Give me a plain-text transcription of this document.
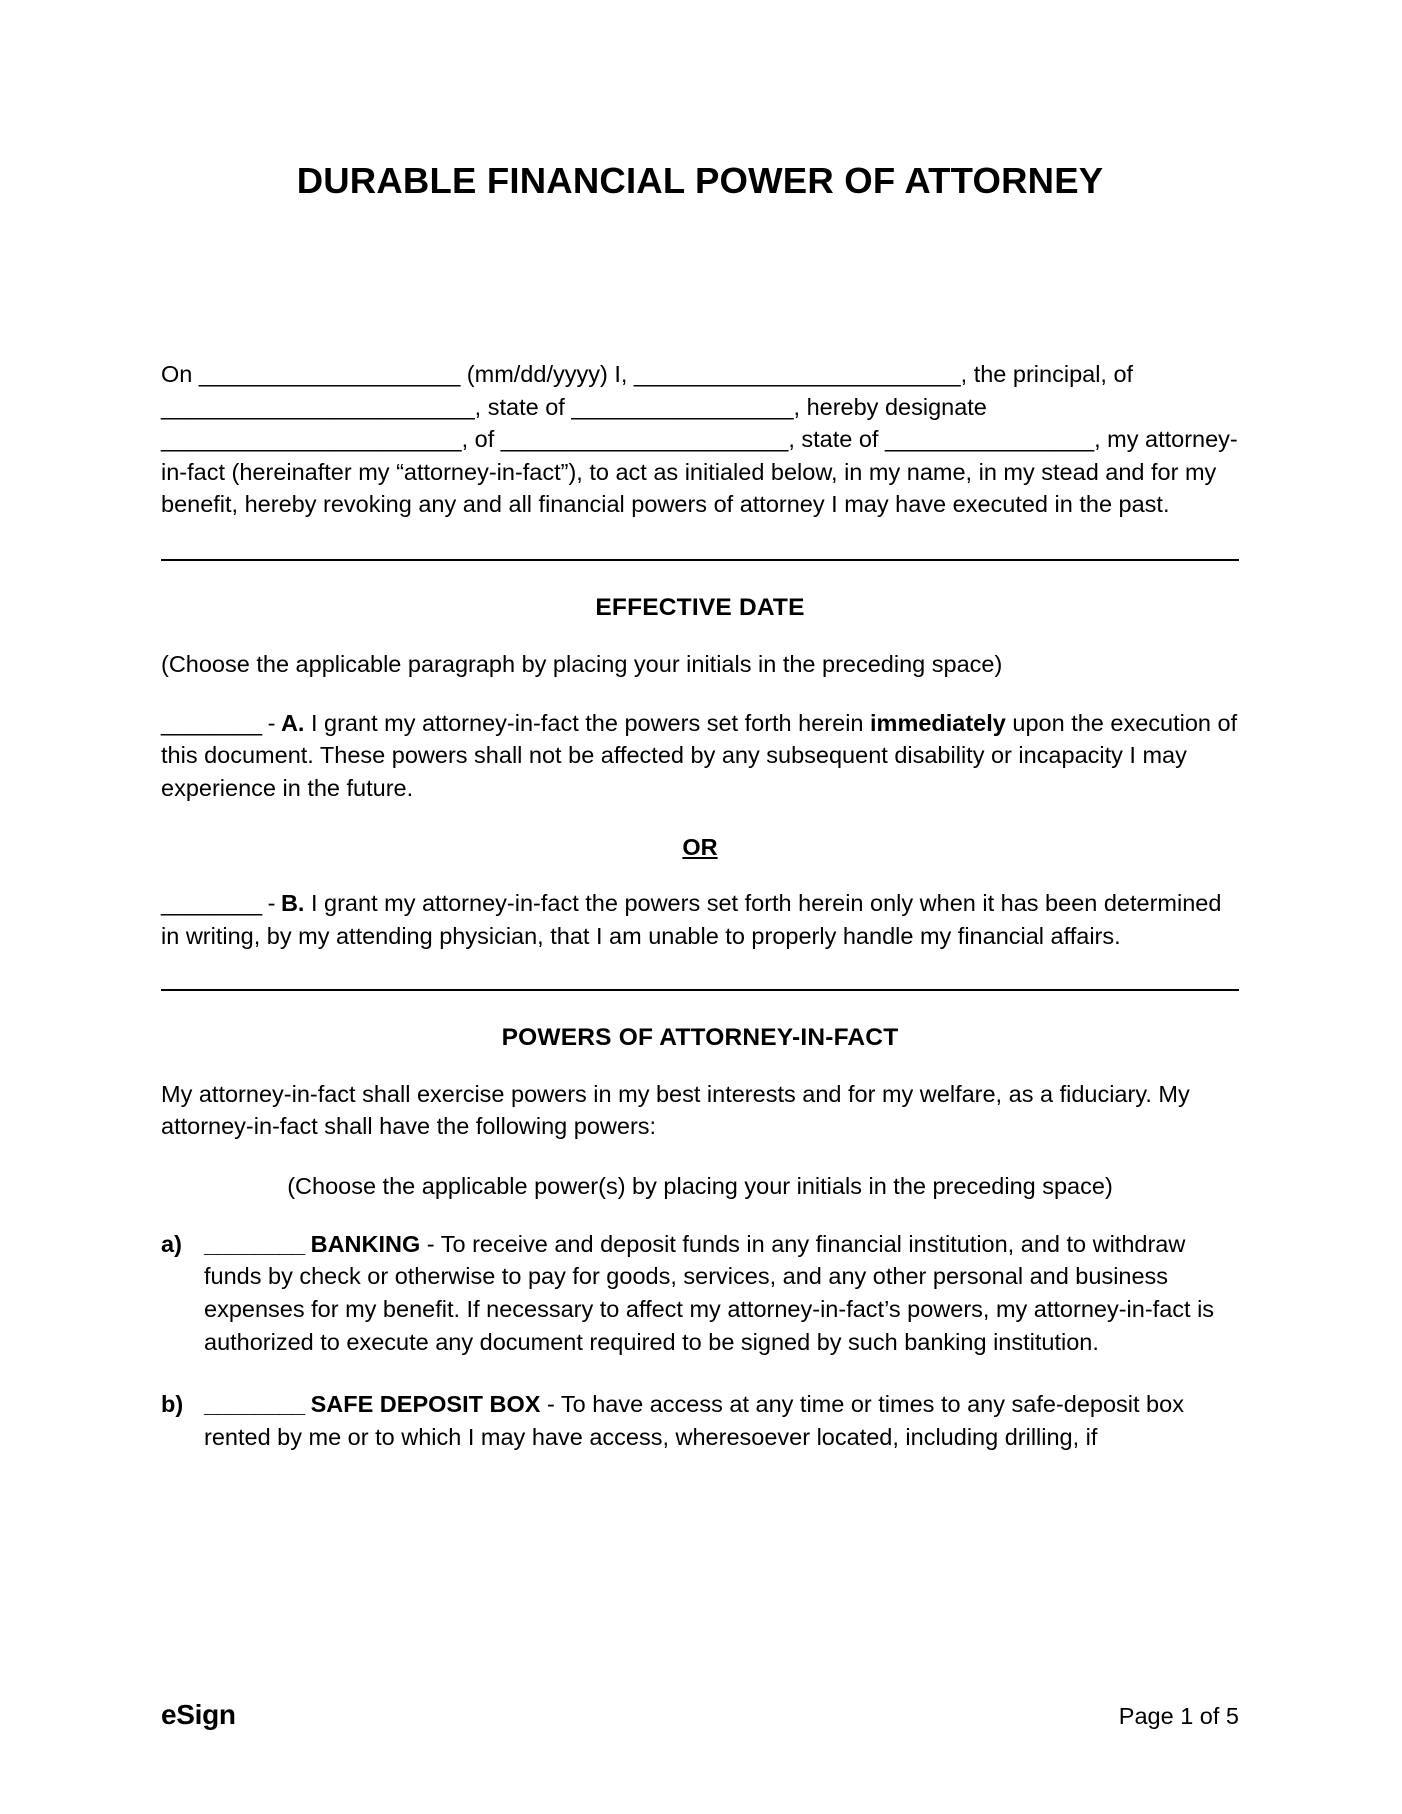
DURABLE FINANCIAL POWER OF ATTORNEY

On ____________________ (mm/dd/yyyy) I, _________________________, the principal, of ________________________, state of _________________, hereby designate _______________________, of ______________________, state of ________________, my attorney-in-fact (hereinafter my “attorney-in-fact”), to act as initialed below, in my name, in my stead and for my benefit, hereby revoking any and all financial powers of attorney I may have executed in the past.

EFFECTIVE DATE

(Choose the applicable paragraph by placing your initials in the preceding space)

________ - A. I grant my attorney-in-fact the powers set forth herein immediately upon the execution of this document. These powers shall not be affected by any subsequent disability or incapacity I may experience in the future.

OR

________ - B. I grant my attorney-in-fact the powers set forth herein only when it has been determined in writing, by my attending physician, that I am unable to properly handle my financial affairs.

POWERS OF ATTORNEY-IN-FACT

My attorney-in-fact shall exercise powers in my best interests and for my welfare, as a fiduciary. My attorney-in-fact shall have the following powers:

(Choose the applicable power(s) by placing your initials in the preceding space)

a) ________ BANKING - To receive and deposit funds in any financial institution, and to withdraw funds by check or otherwise to pay for goods, services, and any other personal and business expenses for my benefit. If necessary to affect my attorney-in-fact’s powers, my attorney-in-fact is authorized to execute any document required to be signed by such banking institution.
b) ________ SAFE DEPOSIT BOX - To have access at any time or times to any safe-deposit box rented by me or to which I may have access, wheresoever located, including drilling, if
eSign	Page 1 of 5
